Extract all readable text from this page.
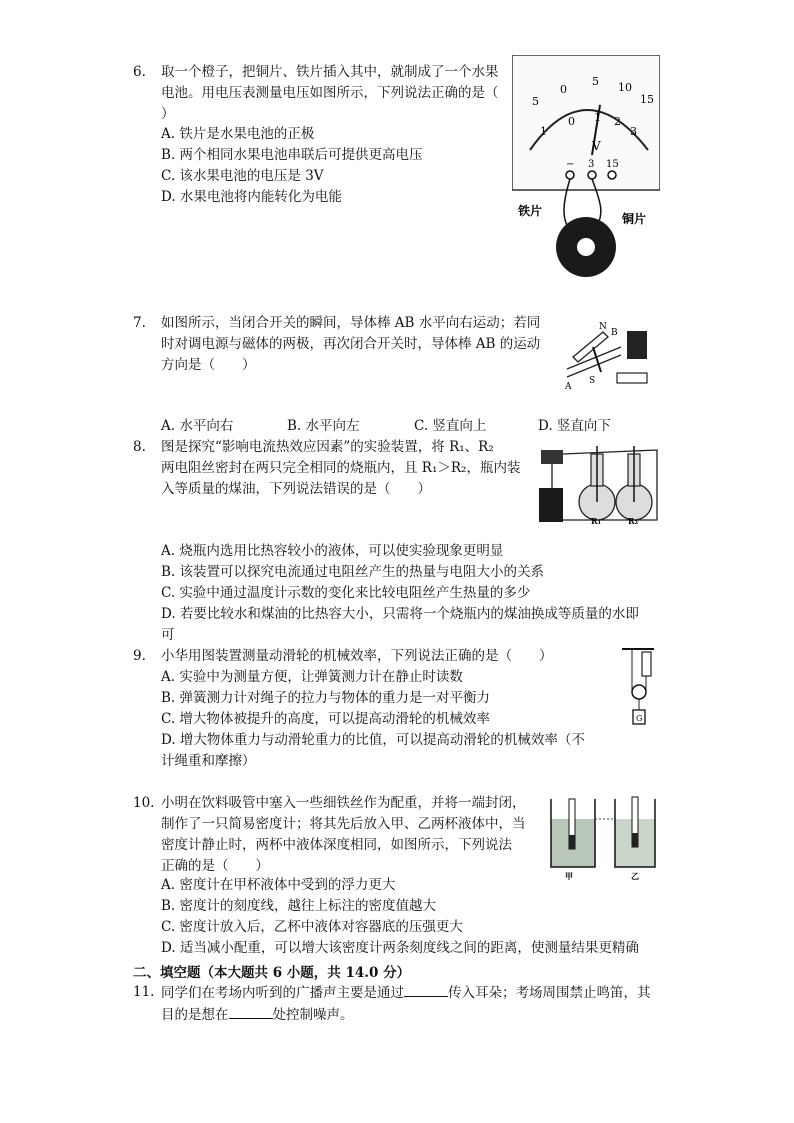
6.	取一个橙子，把铜片、铁片插入其中，就制成了一个水果
电池。用电压表测量电压如图所示，下列说法正确的是（
）
A. 铁片是水果电池的正极
B. 两个相同水果电池串联后可提供更高电压
C. 该水果电池的电压是 3V
D. 水果电池将内能转化为电能
5
0
5 10
15
1
0 1 2
3
V
− 3 15
铁片
铜片
7.	如图所示，当闭合开关的瞬间，导体棒 AB 水平向右运动；若同
时对调电源与磁体的两极，再次闭合开关时，导体棒 AB 的运动
方向是（　　）
N
B
A
S
A. 水平向右	B. 水平向左	C. 竖直向上	D. 竖直向下
8.	图是探究“影响电流热效应因素”的实验装置，将 R₁、R₂
两电阻丝密封在两只完全相同的烧瓶内，且 R₁＞R₂，瓶内装
入等质量的煤油，下列说法错误的是（　　）
R₁	R₂
A. 烧瓶内选用比热容较小的液体，可以使实验现象更明显
B. 该装置可以探究电流通过电阻丝产生的热量与电阻大小的关系
C. 实验中通过温度计示数的变化来比较电阻丝产生热量的多少
D. 若要比较水和煤油的比热容大小，只需将一个烧瓶内的煤油换成等质量的水即
可
9.	小华用图装置测量动滑轮的机械效率，下列说法正确的是（　　）
A. 实验中为测量方便，让弹簧测力计在静止时读数
B. 弹簧测力计对绳子的拉力与物体的重力是一对平衡力
C. 增大物体被提升的高度，可以提高动滑轮的机械效率
D. 增大物体重力与动滑轮重力的比值，可以提高动滑轮的机械效率（不
计绳重和摩擦）
G
10. 小明在饮料吸管中塞入一些细铁丝作为配重，并将一端封闭，
制作了一只简易密度计；将其先后放入甲、乙两杯液体中，当
密度计静止时，两杯中液体深度相同，如图所示，下列说法
正确的是（　　）
甲	乙
A. 密度计在甲杯液体中受到的浮力更大
B. 密度计的刻度线，越往上标注的密度值越大
C. 密度计放入后，乙杯中液体对容器底的压强更大
D. 适当减小配重，可以增大该密度计两条刻度线之间的距离，使测量结果更精确
二、填空题（本大题共 6 小题，共 14.0 分）
11. 同学们在考场内听到的广播声主要是通过	传入耳朵；考场周围禁止鸣笛，其
目的是想在	处控制噪声。
